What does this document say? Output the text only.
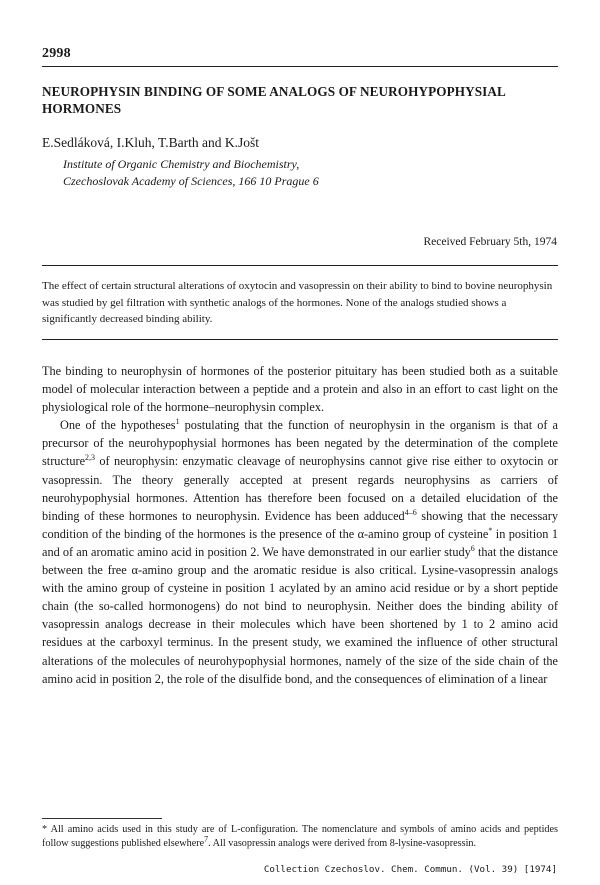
2998
NEUROPHYSIN BINDING OF SOME ANALOGS OF NEUROHYPOPHYSIAL HORMONES
E.Sedláková, I.Kluh, T.Barth and K.Jošt
Institute of Organic Chemistry and Biochemistry,
Czechoslovak Academy of Sciences, 166 10 Prague 6
Received February 5th, 1974
The effect of certain structural alterations of oxytocin and vasopressin on their ability to bind to bovine neurophysin was studied by gel filtration with synthetic analogs of the hormones. None of the analogs studied shows a significantly decreased binding ability.

The binding to neurophysin of hormones of the posterior pituitary has been studied both as a suitable model of molecular interaction between a peptide and a protein and also in an effort to cast light on the physiological role of the hormone–neurophysin complex.

One of the hypotheses$^1$ postulating that the function of neurophysin in the organism is that of a precursor of the neurohypophysial hormones has been negated by the determination of the complete structure$^{2,3}$ of neurophysin: enzymatic cleavage of neurophysins cannot give rise either to oxytocin or vasopressin. The theory generally accepted at present regards neurophysins as carriers of neurohypophysial hormones. Attention has therefore been focused on a detailed elucidation of the binding of these hormones to neurophysin. Evidence has been adduced$^{4-6}$ showing that the necessary condition of the binding of the hormones is the presence of the α-amino group of cysteine* in position 1 and of an aromatic amino acid in position 2. We have demonstrated in our earlier study$^6$ that the distance between the free α-amino group and the aromatic residue is also critical. Lysine-vasopressin analogs with the amino group of cysteine in position 1 acylated by an amino acid residue or by a short peptide chain (the so-called hormonogens) do not bind to neurophysin. Neither does the binding ability of vasopressin analogs decrease in their molecules which have been shortened by 1 to 2 amino acid residues at the carboxyl terminus. In the present study, we examined the influence of other structural alterations of the molecules of neurohypophysial hormones, namely of the size of the side chain of the amino acid in position 2, the role of the disulfide bond, and the consequences of elimination of a linear

* All amino acids used in this study are of L-configuration. The nomenclature and symbols of amino acids and peptides follow suggestions published elsewhere$^7$. All vasopressin analogs were derived from 8-lysine-vasopressin.
Collection Czechoslov. Chem. Commun. (Vol. 39) [1974]
